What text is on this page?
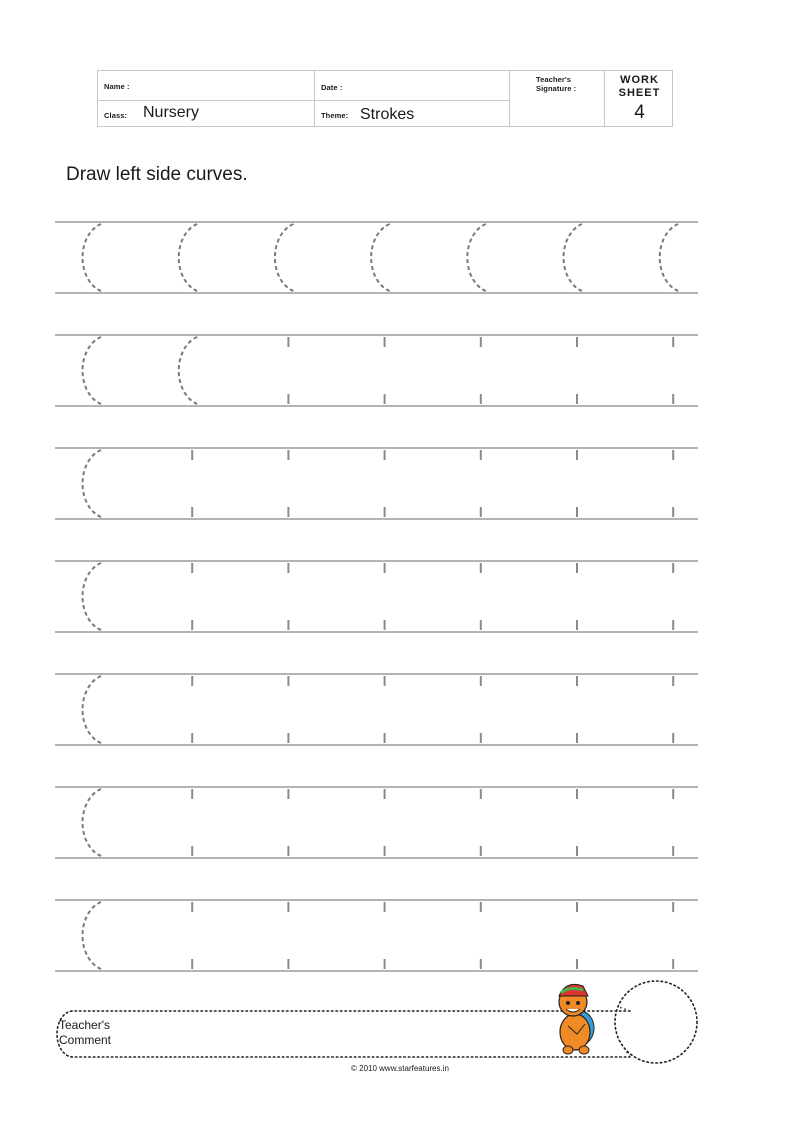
Name :	Date :
Teacher's
Signature :
Class: Nursery	Theme: Strokes
WORK
SHEET
4
Draw left side curves.
Teacher's
Comment
© 2010 www.starfeatures.in
